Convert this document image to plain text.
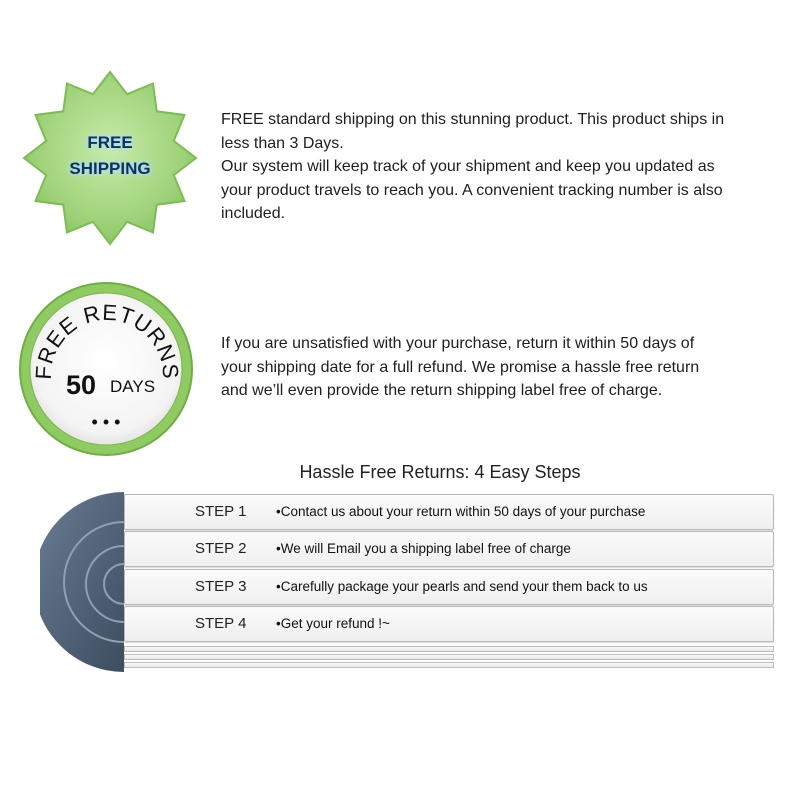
FREE
SHIPPING

FREE standard shipping on this stunning product. This product ships in
less than 3 Days.
Our system will keep track of your shipment and keep you updated as
your product travels to reach you. A convenient tracking number is also
included.

FREE RETURNS
50 DAYS
• • •

If you are unsatisfied with your purchase, return it within 50 days of
your shipping date for a full refund. We promise a hassle free return
and we’ll even provide the return shipping label free of charge.

Hassle Free Returns: 4 Easy Steps

STEP 1	•Contact us about your return within 50 days of your purchase
STEP 2	•We will Email you a shipping label free of charge
STEP 3	•Carefully package your pearls and send your them back to us
STEP 4	•Get your refund !~
